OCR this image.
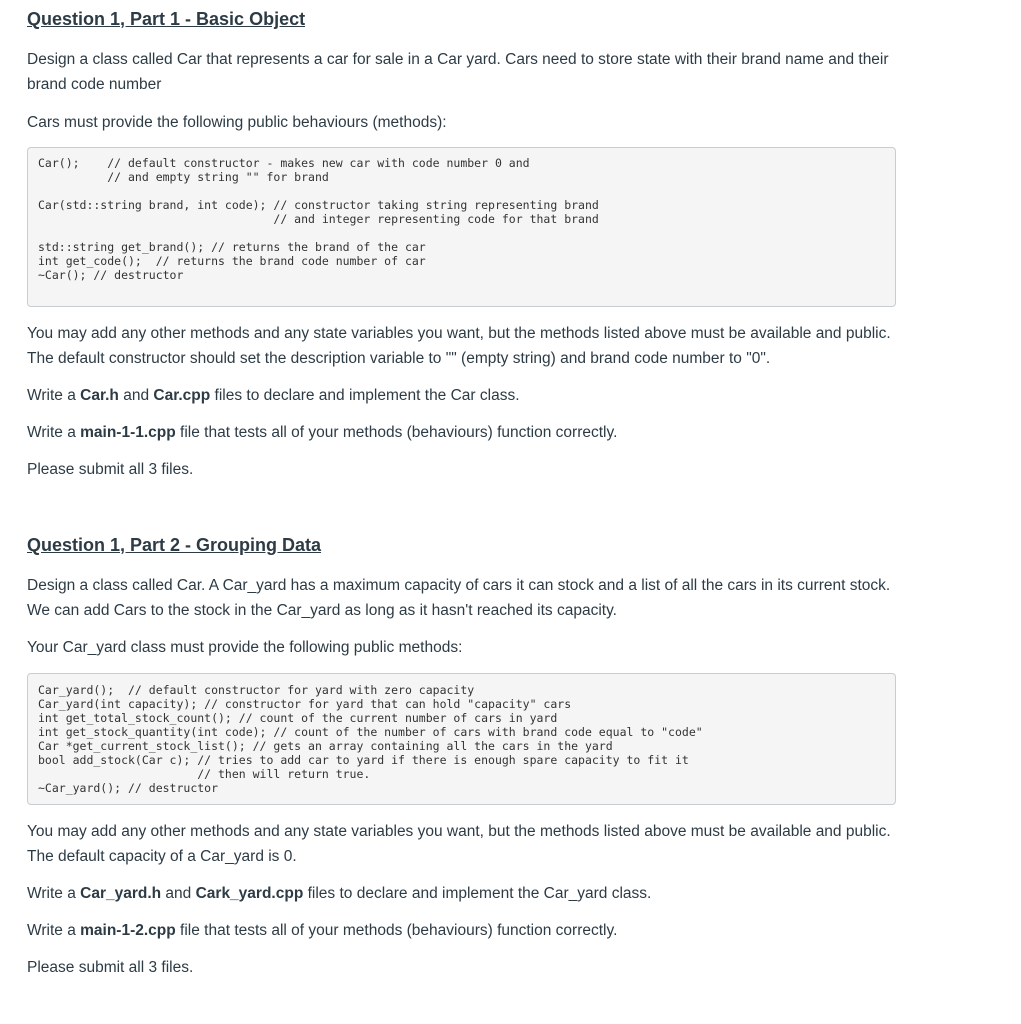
Question 1, Part 1 - Basic Object

Design a class called Car that represents a car for sale in a Car yard. Cars need to store state with their brand name and their brand code number

Cars must provide the following public behaviours (methods):

Car();    // default constructor - makes new car with code number 0 and
// and empty string "" for brand

Car(std::string brand, int code); // constructor taking string representing brand
// and integer representing code for that brand

std::string get_brand(); // returns the brand of the car
int get_code();  // returns the brand code number of car
~Car(); // destructor

You may add any other methods and any state variables you want, but the methods listed above must be available and public. The default constructor should set the description variable to "" (empty string) and brand code number to "0".

Write a Car.h and Car.cpp files to declare and implement the Car class.

Write a main-1-1.cpp file that tests all of your methods (behaviours) function correctly.

Please submit all 3 files.

Question 1, Part 2 - Grouping Data

Design a class called Car. A Car_yard has a maximum capacity of cars it can stock and a list of all the cars in its current stock. We can add Cars to the stock in the Car_yard as long as it hasn't reached its capacity.

Your Car_yard class must provide the following public methods:

Car_yard();  // default constructor for yard with zero capacity
Car_yard(int capacity); // constructor for yard that can hold "capacity" cars
int get_total_stock_count(); // count of the current number of cars in yard
int get_stock_quantity(int code); // count of the number of cars with brand code equal to "code"
Car *get_current_stock_list(); // gets an array containing all the cars in the yard
bool add_stock(Car c); // tries to add car to yard if there is enough spare capacity to fit it
// then will return true.
~Car_yard(); // destructor

You may add any other methods and any state variables you want, but the methods listed above must be available and public. The default capacity of a Car_yard is 0.

Write a Car_yard.h and Cark_yard.cpp files to declare and implement the Car_yard class.

Write a main-1-2.cpp file that tests all of your methods (behaviours) function correctly.

Please submit all 3 files.
